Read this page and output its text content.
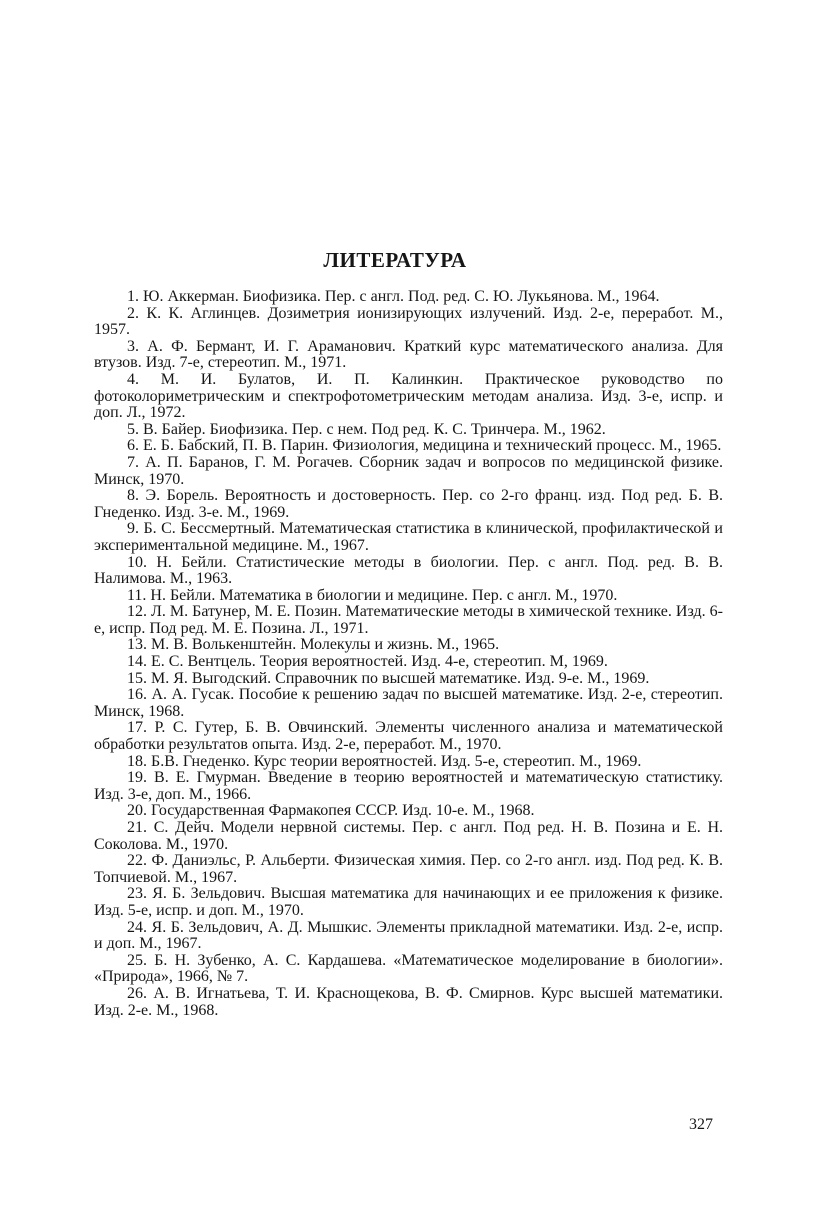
ЛИТЕРАТУРА

1. Ю. Аккерман. Биофизика. Пер. с англ. Под. ред. С. Ю. Лукьянова. М., 1964.

2. К. К. Аглинцев. Дозиметрия ионизирующих излучений. Изд. 2-е, переработ. М., 1957.

3. А. Ф. Бермант, И. Г. Араманович. Краткий курс математического анализа. Для втузов. Изд. 7-е, стереотип. М., 1971.

4. М. И. Булатов, И. П. Калинкин. Практическое руководство по фотоколориметрическим и спектрофотометрическим методам анализа. Изд. 3-е, испр. и доп. Л., 1972.

5. В. Байер. Биофизика. Пер. с нем. Под ред. К. С. Тринчера. М., 1962.

6. Е. Б. Бабский, П. В. Парин. Физиология, медицина и технический процесс. М., 1965.

7. А. П. Баранов, Г. М. Рогачев. Сборник задач и вопросов по медицинской физике. Минск, 1970.

8. Э. Борель. Вероятность и достоверность. Пер. со 2-го франц. изд. Под ред. Б. В. Гнеденко. Изд. 3-е. М., 1969.

9. Б. С. Бессмертный. Математическая статистика в клинической, профилактической и экспериментальной медицине. М., 1967.

10. Н. Бейли. Статистические методы в биологии. Пер. с англ. Под. ред. В. В. Налимова. М., 1963.

11. Н. Бейли. Математика в биологии и медицине. Пер. с англ. М., 1970.

12. Л. М. Батунер, М. Е. Позин. Математические методы в химической технике. Изд. 6-е, испр. Под ред. М. Е. Позина. Л., 1971.

13. М. В. Волькенштейн. Молекулы и жизнь. М., 1965.

14. Е. С. Вентцель. Теория вероятностей. Изд. 4-е, стереотип. М, 1969.

15. М. Я. Выгодский. Справочник по высшей математике. Изд. 9-е. М., 1969.

16. А. А. Гусак. Пособие к решению задач по высшей математике. Изд. 2-е, стереотип. Минск, 1968.

17. Р. С. Гутер, Б. В. Овчинский. Элементы численного анализа и математической обработки результатов опыта. Изд. 2-е, переработ. М., 1970.

18. Б.В. Гнеденко. Курс теории вероятностей. Изд. 5-е, стереотип. М., 1969.

19. В. Е. Гмурман. Введение в теорию вероятностей и математическую статистику. Изд. 3-е, доп. М., 1966.

20. Государственная Фармакопея СССР. Изд. 10-е. М., 1968.

21. С. Дейч. Модели нервной системы. Пер. с англ. Под ред. Н. В. Позина и Е. Н. Соколова. М., 1970.

22. Ф. Даниэльс, Р. Альберти. Физическая химия. Пер. со 2-го англ. изд. Под ред. К. В. Топчиевой. М., 1967.

23. Я. Б. Зельдович. Высшая математика для начинающих и ее приложения к физике. Изд. 5-е, испр. и доп. М., 1970.

24. Я. Б. Зельдович, А. Д. Мышкис. Элементы прикладной математики. Изд. 2-е, испр. и доп. М., 1967.

25. Б. Н. Зубенко, А. С. Кардашева. «Математическое моделирование в биологии». «Природа», 1966, № 7.

26. А. В. Игнатьева, Т. И. Краснощекова, В. Ф. Смирнов. Курс высшей математики. Изд. 2-е. М., 1968.

327
